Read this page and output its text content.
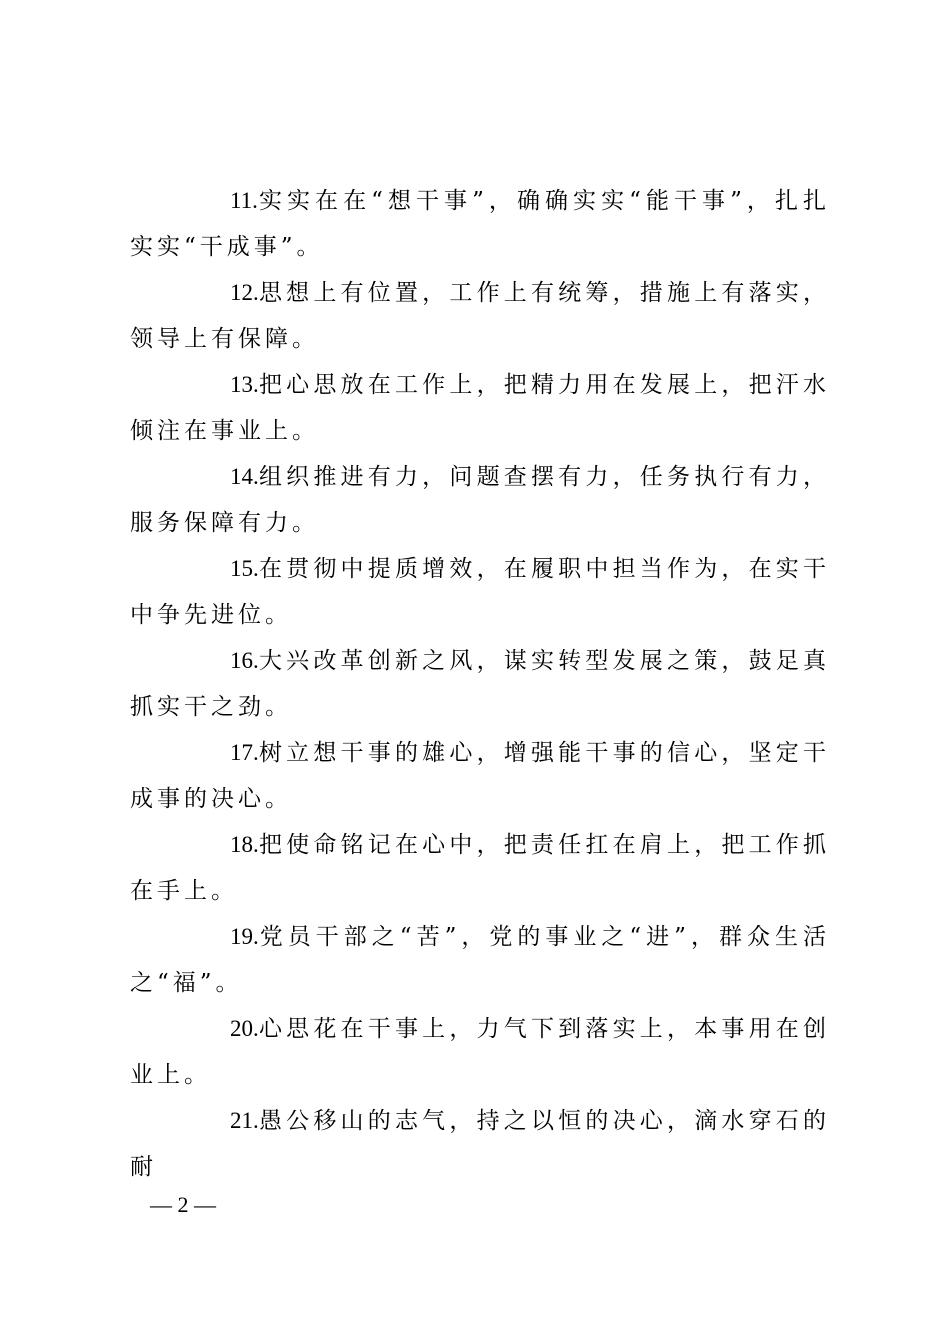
11.实实在在“想干事”，确确实实“能干事”，扎扎实实“干成事”。

12.思想上有位置，工作上有统筹，措施上有落实，领导上有保障。

13.把心思放在工作上，把精力用在发展上，把汗水倾注在事业上。

14.组织推进有力，问题查摆有力，任务执行有力，服务保障有力。

15.在贯彻中提质增效，在履职中担当作为，在实干中争先进位。

16.大兴改革创新之风，谋实转型发展之策，鼓足真抓实干之劲。

17.树立想干事的雄心，增强能干事的信心，坚定干成事的决心。

18.把使命铭记在心中，把责任扛在肩上，把工作抓在手上。

19.党员干部之“苦”，党的事业之“进”，群众生活之“福”。

20.心思花在干事上，力气下到落实上，本事用在创业上。

21.愚公移山的志气，持之以恒的决心，滴水穿石的耐

— 2 —
